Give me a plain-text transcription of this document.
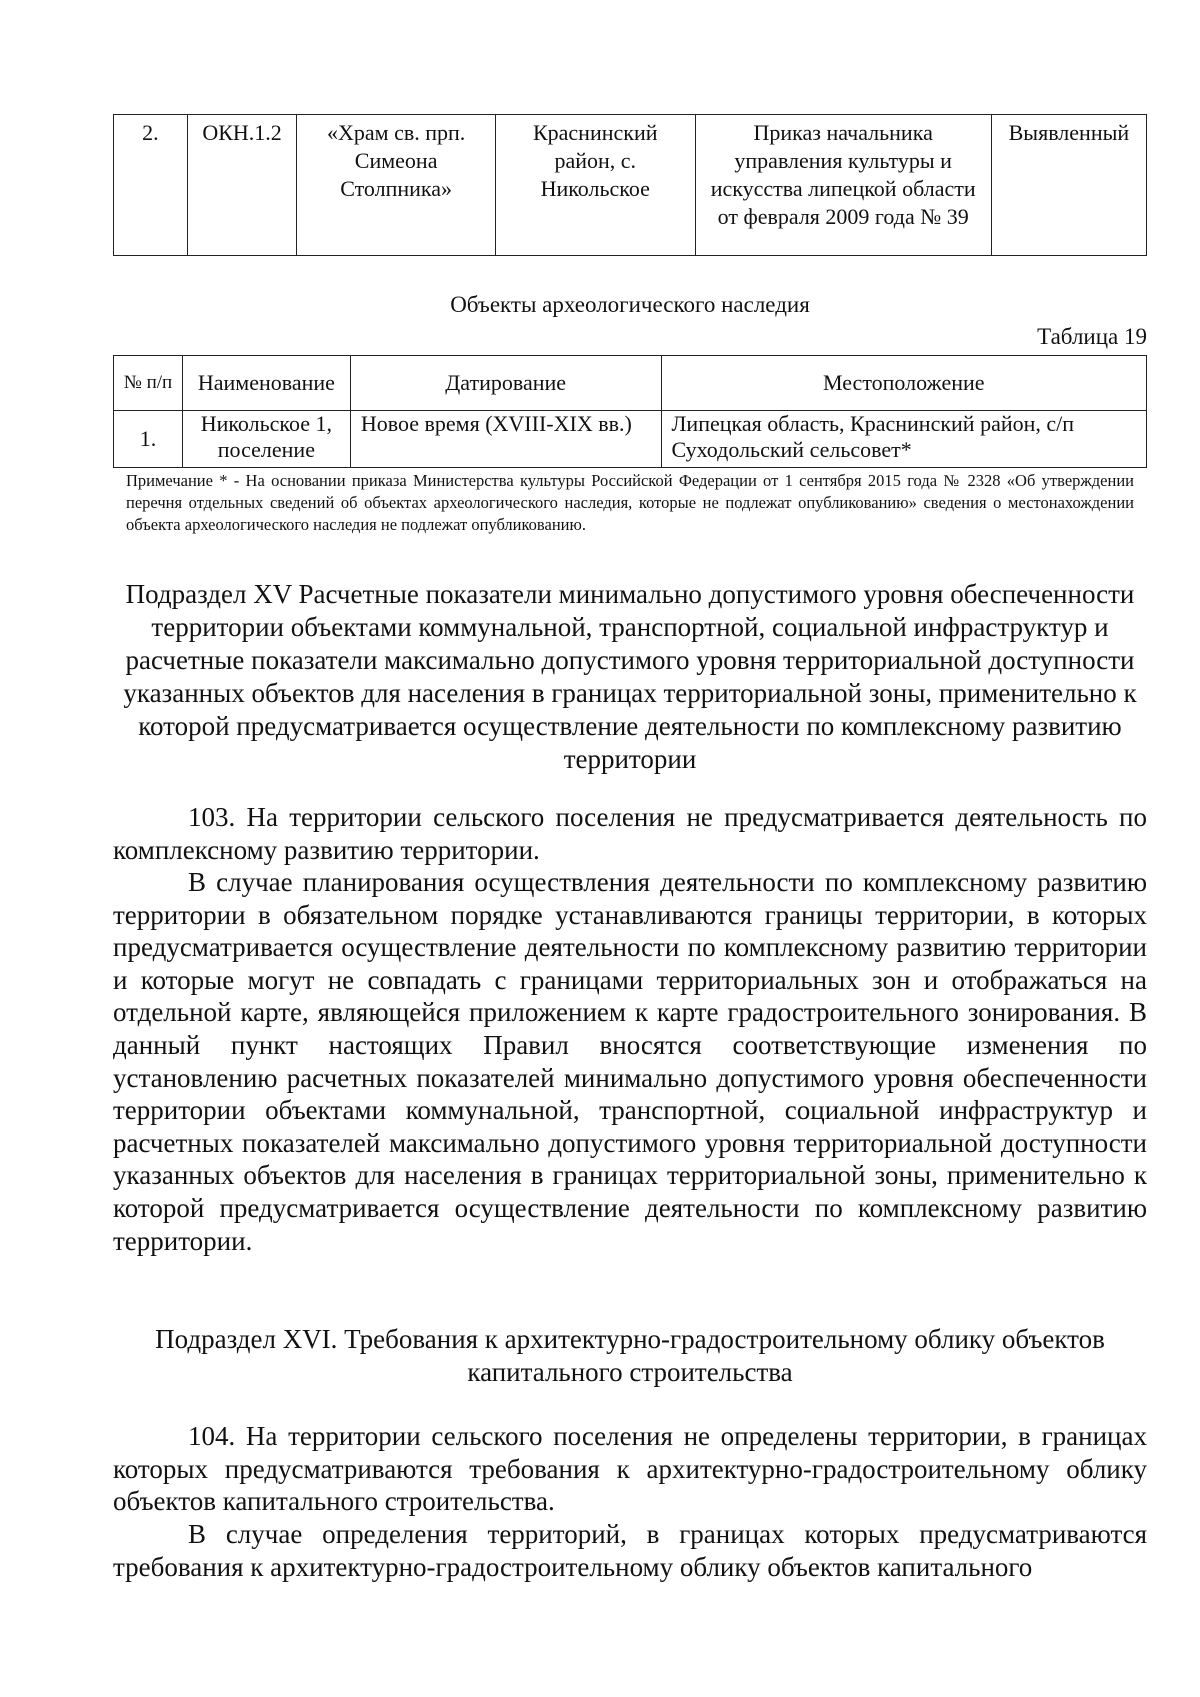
2.	ОКН.1.2	«Храм св. прп. Симеона Столпника»	Краснинский район, с. Никольское	Приказ начальника управления культуры и искусства липецкой области от февраля 2009 года № 39	Выявленный
Объекты археологического наследия
Таблица 19
№ п/п	Наименование	Датирование	Местоположение
1.	Никольское 1, поселение	Новое время (XVIII-XIX вв.)	Липецкая область, Краснинский район, с/п Суходольский сельсовет*
Примечание * - На основании приказа Министерства культуры Российской Федерации от 1 сентября 2015 года № 2328 «Об утверждении перечня отдельных сведений об объектах археологического наследия, которые не подлежат опубликованию» сведения о местонахождении объекта археологического наследия не подлежат опубликованию.
Подраздел XV Расчетные показатели минимально допустимого уровня обеспеченности территории объектами коммунальной, транспортной, социальной инфраструктур и расчетные показатели максимально допустимого уровня территориальной доступности указанных объектов для населения в границах территориальной зоны, применительно к которой предусматривается осуществление деятельности по комплексному развитию территории

103. На территории сельского поселения не предусматривается деятельность по комплексному развитию территории.

В случае планирования осуществления деятельности по комплексному развитию территории в обязательном порядке устанавливаются границы территории, в которых предусматривается осуществление деятельности по комплексному развитию территории и которые могут не совпадать с границами территориальных зон и отображаться на отдельной карте, являющейся приложением к карте градостроительного зонирования. В данный пункт настоящих Правил вносятся соответствующие изменения по установлению расчетных показателей минимально допустимого уровня обеспеченности территории объектами коммунальной, транспортной, социальной инфраструктур и расчетных показателей максимально допустимого уровня территориальной доступности указанных объектов для населения в границах территориальной зоны, применительно к которой предусматривается осуществление деятельности по комплексному развитию территории.

Подраздел XVI. Требования к архитектурно-градостроительному облику объектов капитального строительства

104. На территории сельского поселения не определены территории, в границах которых предусматриваются требования к архитектурно-градостроительному облику объектов капитального строительства.

В случае определения территорий, в границах которых предусматриваются требования к архитектурно-градостроительному облику объектов капитального
